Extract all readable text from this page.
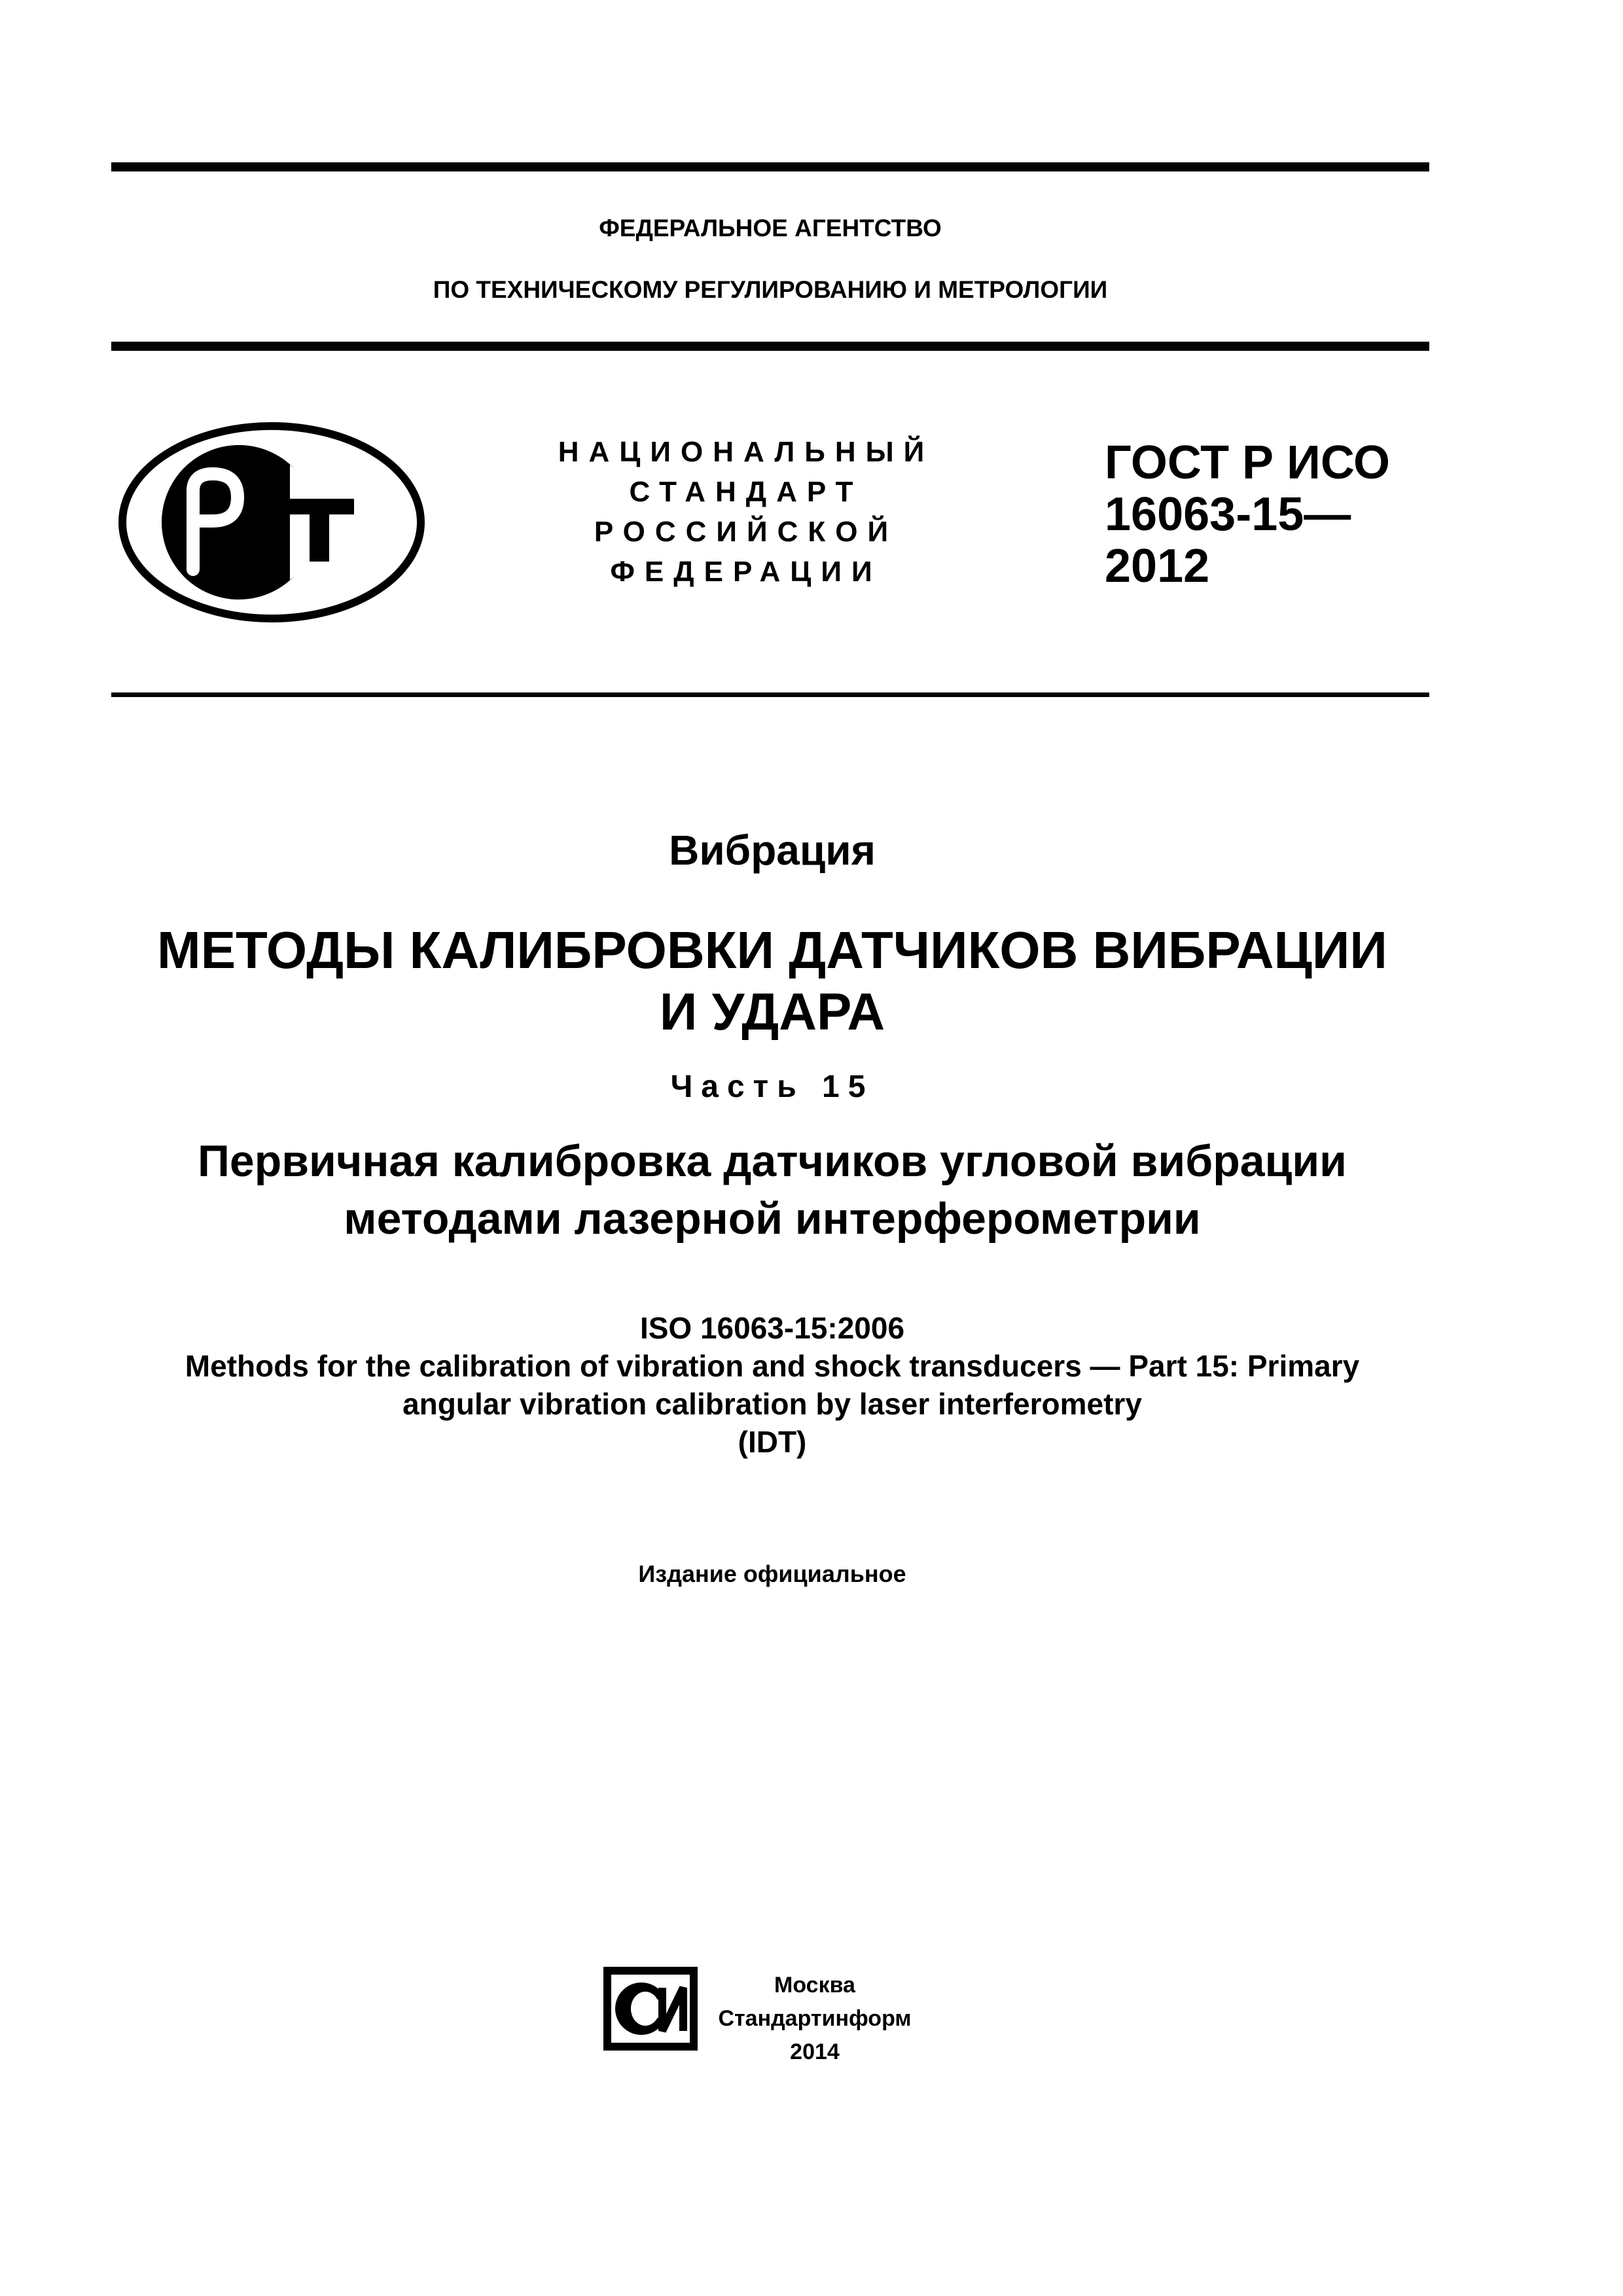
ФЕДЕРАЛЬНОЕ АГЕНТСТВО
ПО ТЕХНИЧЕСКОМУ РЕГУЛИРОВАНИЮ И МЕТРОЛОГИИ
НАЦИОНАЛЬНЫЙ
СТАНДАРТ
РОССИЙСКОЙ
ФЕДЕРАЦИИ
ГОСТ Р ИСО
16063-15—
2012
Вибрация
МЕТОДЫ КАЛИБРОВКИ ДАТЧИКОВ ВИБРАЦИИ
И УДАРА
Часть 15
Первичная калибровка датчиков угловой вибрации
методами лазерной интерферометрии
ISO 16063-15:2006
Methods for the calibration of vibration and shock transducers — Part 15: Primary
angular vibration calibration by laser interferometry
(IDT)
Издание официальное
Москва
Стандартинформ
2014
